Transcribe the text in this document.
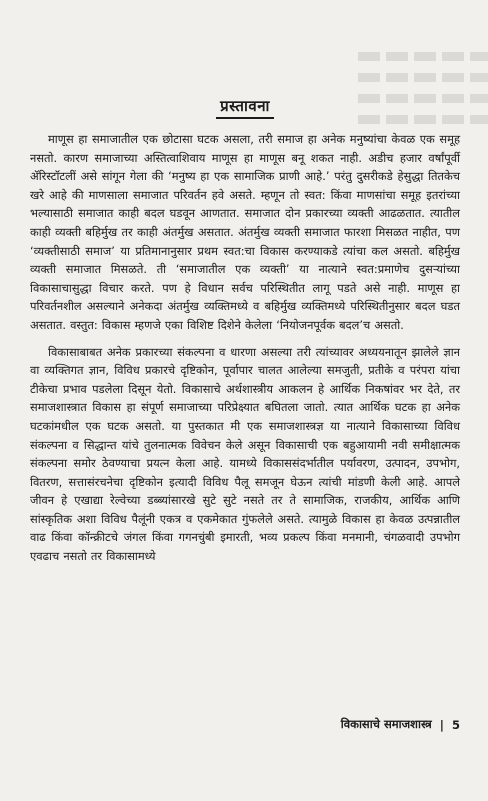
प्रस्तावना

माणूस हा समाजातील एक छोटासा घटक असला, तरी समाज हा अनेक मनुष्यांचा केवळ एक समूह नसतो. कारण समाजाच्या अस्तित्वाशिवाय माणूस हा माणूस बनू शकत नाही. अडीच हजार वर्षांपूर्वी ॲरिस्टॉटलीं असे सांगून गेला की ‘मनुष्य हा एक सामाजिक प्राणी आहे.’ परंतु दुसरीकडे हेसुद्धा तितकेच खरे आहे की माणसाला समाजात परिवर्तन हवे असते. म्हणून तो स्वत: किंवा माणसांचा समूह इतरांच्या भल्यासाठी समाजात काही बदल घडवून आणतात. समाजात दोन प्रकारच्या व्यक्ती आढळतात. त्यातील काही व्यक्ती बहिर्मुख तर काही अंतर्मुख असतात. अंतर्मुख व्यक्ती समाजात फारशा मिसळत नाहीत, पण ‘व्यक्तीसाठी समाज’ या प्रतिमानानुसार प्रथम स्वत:चा विकास करण्याकडे त्यांचा कल असतो. बहिर्मुख व्यक्ती समाजात मिसळते. ती ‘समाजातील एक व्यक्ती’ या नात्याने स्वत:प्रमाणेच दुसऱ्यांच्या विकासाचासुद्धा विचार करते. पण हे विधान सर्वच परिस्थितीत लागू पडते असे नाही. माणूस हा परिवर्तनशील असल्याने अनेकदा अंतर्मुख व्यक्तिमध्ये व बहिर्मुख व्यक्तिमध्ये परिस्थितीनुसार बदल घडत असतात. वस्तुत: विकास म्हणजे एका विशिष्ट दिशेने केलेला ‘नियोजनपूर्वक बदल’च असतो.

विकासाबाबत अनेक प्रकारच्या संकल्पना व धारणा असल्या तरी त्यांच्यावर अध्ययनातून झालेले ज्ञान वा व्यक्तिगत ज्ञान, विविध प्रकारचे दृष्टिकोन, पूर्वापार चालत आलेल्या समजुती, प्रतीके व परंपरा यांचा टीकेचा प्रभाव पडलेला दिसून येतो. विकासाचे अर्थशास्त्रीय आकलन हे आर्थिक निकषांवर भर देते, तर समाजशास्त्रात विकास हा संपूर्ण समाजाच्या परिप्रेक्ष्यात बघितला जातो. त्यात आर्थिक घटक हा अनेक घटकांमधील एक घटक असतो. या पुस्तकात मी एक समाजशास्त्रज्ञ या नात्याने विकासाच्या विविध संकल्पना व सिद्धान्त यांचे तुलनात्मक विवेचन केले असून विकासाची एक बहुआयामी नवी समीक्षात्मक संकल्पना समोर ठेवण्याचा प्रयत्न केला आहे. यामध्ये विकाससंदर्भातील पर्यावरण, उत्पादन, उपभोग, वितरण, सत्तासंरचनेचा दृष्टिकोन इत्यादी विविध पैलू समजून घेऊन त्यांची मांडणी केली आहे. आपले जीवन हे एखाद्या रेल्वेच्या डब्ब्यांसारखे सुटे सुटे नसते तर ते सामाजिक, राजकीय, आर्थिक आणि सांस्कृतिक अशा विविध पैलूंनी एकत्र व एकमेकात गुंफलेले असते. त्यामुळे विकास हा केवळ उत्पन्नातील वाढ किंवा कॉन्क्रीटचे जंगल किंवा गगनचुंबी इमारती, भव्य प्रकल्प किंवा मनमानी, चंगळवादी उपभोग एवढाच नसतो तर विकासामध्ये

विकासाचे समाजशास्त्र | 5
